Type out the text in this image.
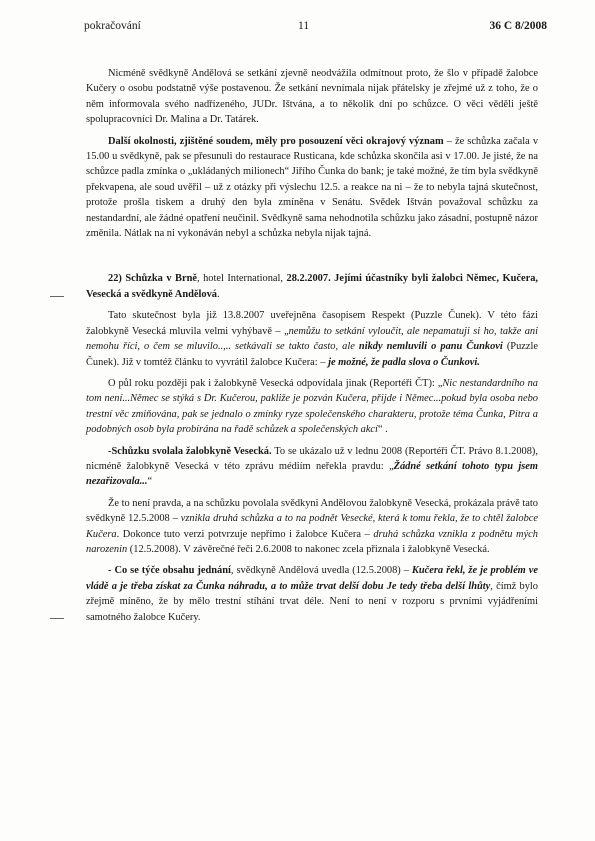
pokračování	11	36 C 8/2008

Nicméně svědkyně Andělová se setkání zjevně neodvážila odmítnout proto, že šlo v případě žalobce Kučery o osobu podstatně výše postavenou. Že setkání nevnímala nijak přátelsky je zřejmé už z toho, že o něm informovala svého nadřízeného, JUDr. Ištvána, a to několik dní po schůzce. O věci věděli ještě spolupracovníci Dr. Malina a Dr. Tatárek.

Další okolnosti, zjištěné soudem, měly pro posouzení věci okrajový význam – že schůzka začala v 15.00 u svědkyně, pak se přesunuli do restaurace Rusticana, kde schůzka skončila asi v 17.00. Je jisté, že na schůzce padla zmínka o „ukládaných milionech“ Jiřího Čunka do bank; je také možné, že tím byla svědkyně překvapena, ale soud uvěřil – už z otázky při výslechu 12.5. a reakce na ni – že to nebyla tajná skutečnost, protože prošla tiskem a druhý den byla zmíněna v Senátu. Svědek Ištván považoval schůzku za nestandardní, ale žádné opatření neučinil. Svědkyně sama nehodnotila schůzku jako zásadní, postupně názor změnila. Nátlak na ni vykonáván nebyl a schůzka nebyla nijak tajná.

22) Schůzka v Brně, hotel International, 28.2.2007. Jejími účastníky byli žalobci Němec, Kučera, Vesecká a svědkyně Andělová.

Tato skutečnost byla již 13.8.2007 uveřejněna časopisem Respekt (Puzzle Čunek). V této fázi žalobkyně Vesecká mluvila velmi vyhýbavě – „nemůžu to setkání vyloučit, ale nepamatuji si ho, takže ani nemohu říci, o čem se mluvilo..,.. setkávali se takto často, ale nikdy nemluvili o panu Čunkovi (Puzzle Čunek). Již v tomtéž článku to vyvrátil žalobce Kučera: – je možné, že padla slova o Čunkovi.

O půl roku později pak i žalobkyně Vesecká odpovídala jinak (Reportéři ČT): „Nic nestandardního na tom není...Němec se stýká s Dr. Kučerou, pakliže je pozván Kučera, přijde i Němec...pokud byla osoba nebo trestní věc zmiňována, pak se jednalo o zmínky ryze společenského charakteru, protože téma Čunka, Pitra a podobných osob byla probírána na řadě schůzek a společenských akcí“ .

-Schůzku svolala žalobkyně Vesecká. To se ukázalo už v lednu 2008 (Reportéři ČT. Právo 8.1.2008), nicméně žalobkyně Vesecká v této zprávu médiím neřekla pravdu: „Žádné setkání tohoto typu jsem nezařizovala...“

Že to není pravda, a na schůzku povolala svědkyni Andělovou žalobkyně Vesecká, prokázala právě tato svědkyně 12.5.2008 – vznikla druhá schůzka a to na podnět Vesecké, která k tomu řekla, že to chtěl žalobce Kučera. Dokonce tuto verzi potvrzuje nepřímo i žalobce Kučera – druhá schůzka vznikla z podnětu mých narozenin (12.5.2008). V závěrečné řeči 2.6.2008 to nakonec zcela přiznala i žalobkyně Vesecká.

- Co se týče obsahu jednání, svědkyně Andělová uvedla (12.5.2008) – Kučera řekl, že je problém ve vládě a je třeba získat za Čunka náhradu, a to může trvat delší dobu Je tedy třeba delší lhůty, čímž bylo zřejmě míněno, že by mělo trestní stíhání trvat déle. Není to není v rozporu s prvními vyjádřeními samotného žalobce Kučery.
